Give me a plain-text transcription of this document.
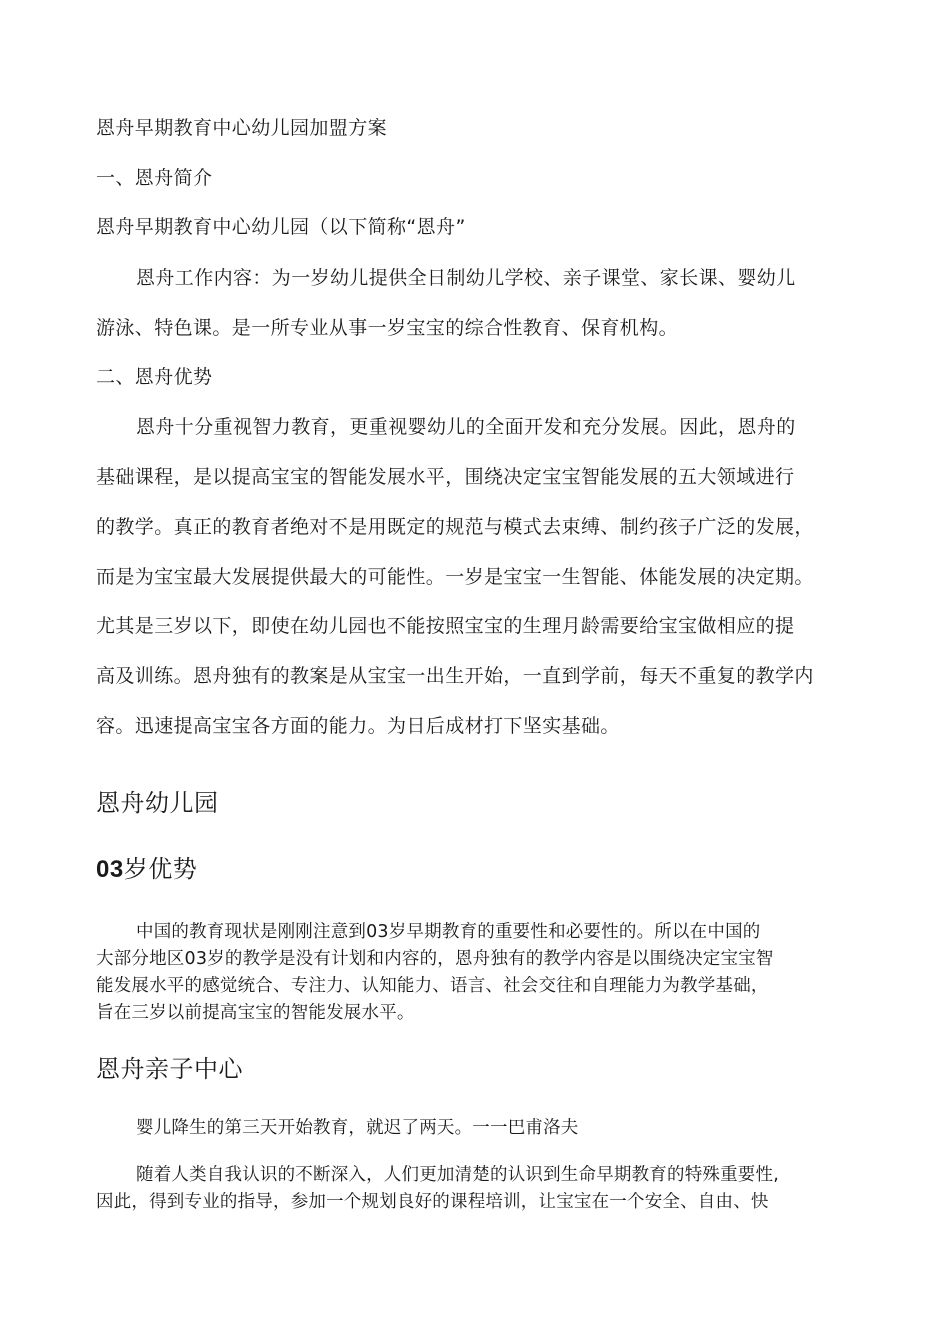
恩舟早期教育中心幼儿园加盟方案
一、恩舟简介
恩舟早期教育中心幼儿园（以下简称“恩舟”
恩舟工作内容：为一岁幼儿提供全日制幼儿学校、亲子课堂、家长课、婴幼儿
游泳、特色课。是一所专业从事一岁宝宝的综合性教育、保育机构。
二、恩舟优势
恩舟十分重视智力教育，更重视婴幼儿的全面开发和充分发展。因此，恩舟的
基础课程，是以提高宝宝的智能发展水平，围绕决定宝宝智能发展的五大领域进行
的教学。真正的教育者绝对不是用既定的规范与模式去束缚、制约孩子广泛的发展，
而是为宝宝最大发展提供最大的可能性。一岁是宝宝一生智能、体能发展的决定期。
尤其是三岁以下，即使在幼儿园也不能按照宝宝的生理月龄需要给宝宝做相应的提
高及训练。恩舟独有的教案是从宝宝一出生开始，一直到学前，每天不重复的教学内
容。迅速提高宝宝各方面的能力。为日后成材打下坚实基础。
恩舟幼儿园
03岁优势
中国的教育现状是刚刚注意到03岁早期教育的重要性和必要性的。所以在中国的
大部分地区03岁的教学是没有计划和内容的，恩舟独有的教学内容是以围绕决定宝宝智
能发展水平的感觉统合、专注力、认知能力、语言、社会交往和自理能力为教学基础，
旨在三岁以前提高宝宝的智能发展水平。
恩舟亲子中心
婴儿降生的第三天开始教育，就迟了两天。一一巴甫洛夫
随着人类自我认识的不断深入，人们更加清楚的认识到生命早期教育的特殊重要性,
因此，得到专业的指导，参加一个规划良好的课程培训，让宝宝在一个安全、自由、快
